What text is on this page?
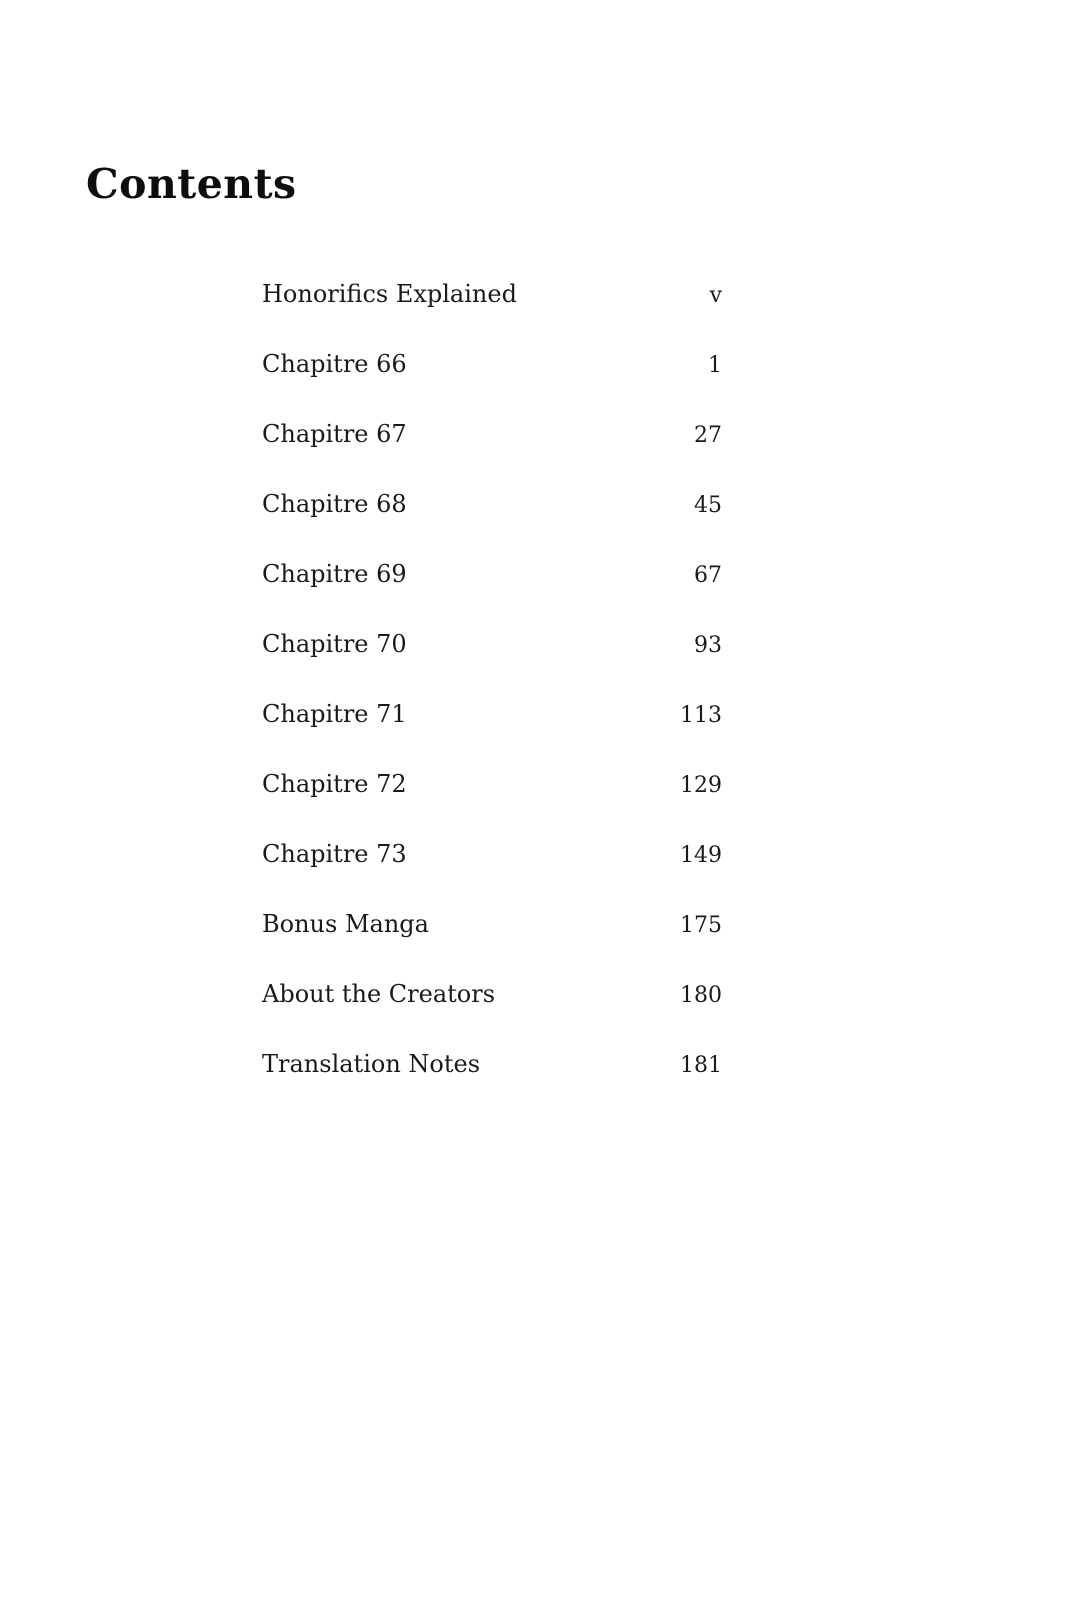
Contents
Honorifics Explained	v
Chapitre 66	1
Chapitre 67	27
Chapitre 68	45
Chapitre 69	67
Chapitre 70	93
Chapitre 71	113
Chapitre 72	129
Chapitre 73	149
Bonus Manga	175
About the Creators	180
Translation Notes	181
